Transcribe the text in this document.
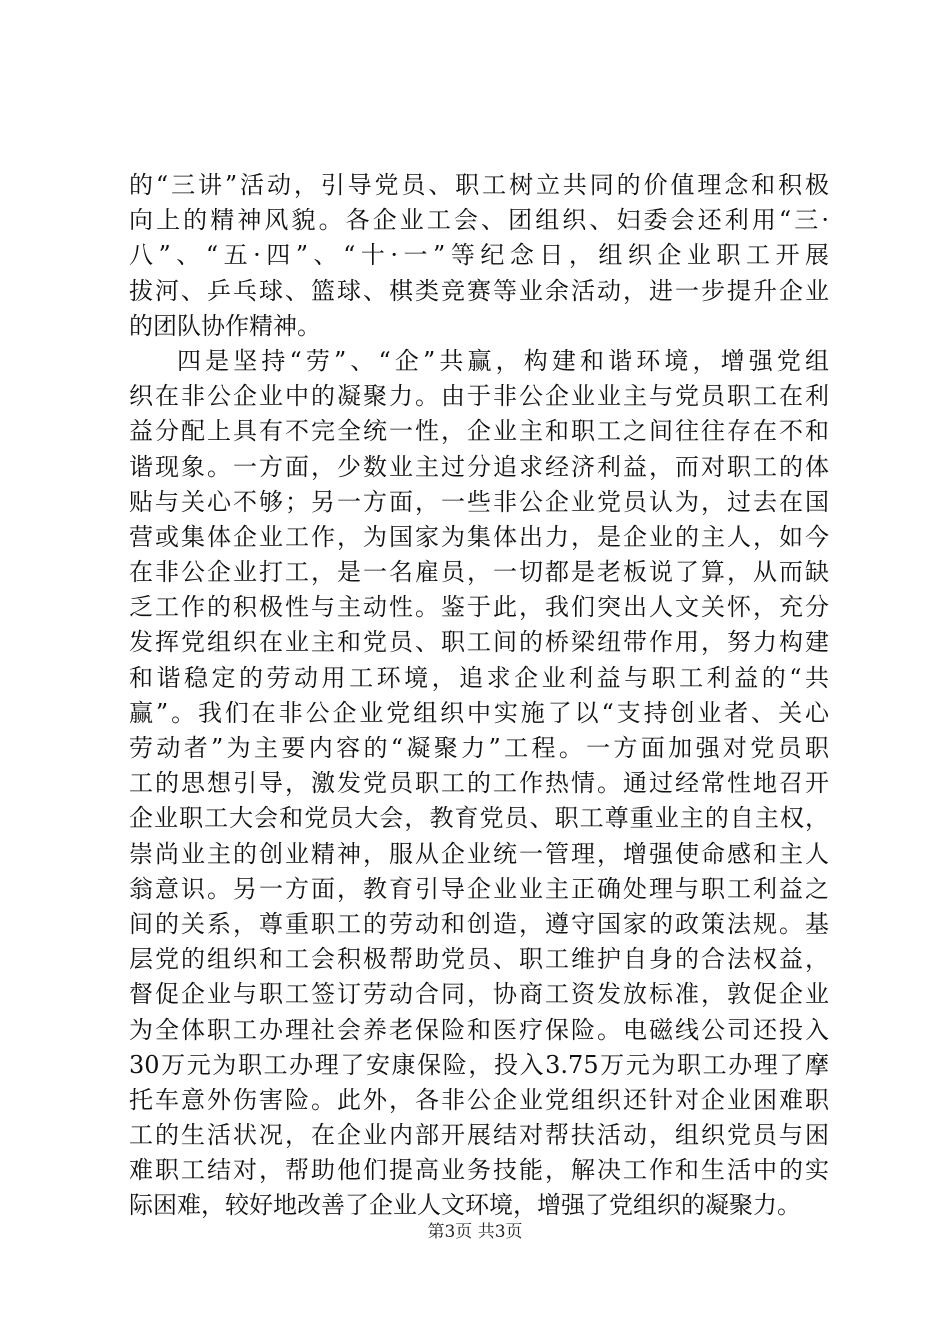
的“三讲”活动，引导党员、职工树立共同的价值理念和积极
向上的精神风貌。各企业工会、团组织、妇委会还利用“三·
八”、“五·四”、“十·一”等纪念日，组织企业职工开展
拔河、乒乓球、篮球、棋类竞赛等业余活动，进一步提升企业
的团队协作精神。
四是坚持“劳”、“企”共赢，构建和谐环境，增强党组
织在非公企业中的凝聚力。由于非公企业业主与党员职工在利
益分配上具有不完全统一性，企业主和职工之间往往存在不和
谐现象。一方面，少数业主过分追求经济利益，而对职工的体
贴与关心不够；另一方面，一些非公企业党员认为，过去在国
营或集体企业工作，为国家为集体出力，是企业的主人，如今
在非公企业打工，是一名雇员，一切都是老板说了算，从而缺
乏工作的积极性与主动性。鉴于此，我们突出人文关怀，充分
发挥党组织在业主和党员、职工间的桥梁纽带作用，努力构建
和谐稳定的劳动用工环境，追求企业利益与职工利益的“共
赢”。我们在非公企业党组织中实施了以“支持创业者、关心
劳动者”为主要内容的“凝聚力”工程。一方面加强对党员职
工的思想引导，激发党员职工的工作热情。通过经常性地召开
企业职工大会和党员大会，教育党员、职工尊重业主的自主权，
崇尚业主的创业精神，服从企业统一管理，增强使命感和主人
翁意识。另一方面，教育引导企业业主正确处理与职工利益之
间的关系，尊重职工的劳动和创造，遵守国家的政策法规。基
层党的组织和工会积极帮助党员、职工维护自身的合法权益，
督促企业与职工签订劳动合同，协商工资发放标准，敦促企业
为全体职工办理社会养老保险和医疗保险。电磁线公司还投入
30万元为职工办理了安康保险，投入3.75万元为职工办理了摩
托车意外伤害险。此外，各非公企业党组织还针对企业困难职
工的生活状况，在企业内部开展结对帮扶活动，组织党员与困
难职工结对，帮助他们提高业务技能，解决工作和生活中的实
际困难，较好地改善了企业人文环境，增强了党组织的凝聚力。
第3页 共3页
